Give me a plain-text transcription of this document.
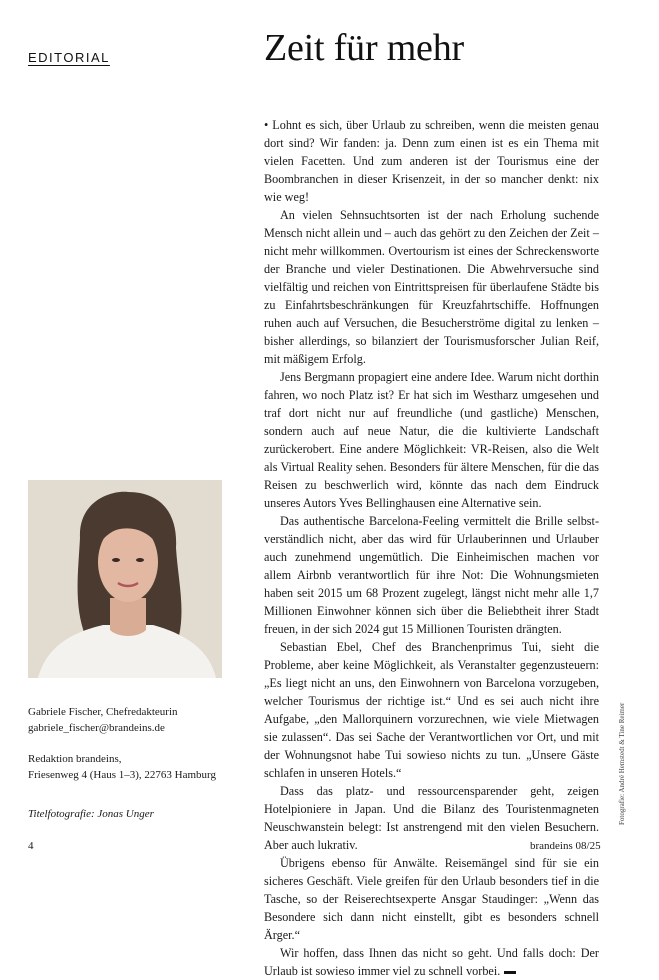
EDITORIAL	Zeit für mehr

• Lohnt es sich, über Urlaub zu schreiben, wenn die meisten genau dort sind? Wir fanden: ja. Denn zum einen ist es ein Thema mit vielen Facetten. Und zum anderen ist der Tourismus eine der Boombranchen in dieser Krisenzeit, in der so mancher denkt: nix wie weg!

An vielen Sehnsuchtsorten ist der nach Erholung suchende Mensch nicht allein und – auch das gehört zu den Zeichen der Zeit – nicht mehr willkommen. Overtourism ist eines der Schreckensworte der Branche und vieler Destinationen. Die Abwehrversuche sind vielfältig und reichen von Eintrittspreisen für überlaufene Städte bis zu Einfahrtsbeschränkungen für Kreuzfahrtschiffe. Hoffnungen ruhen auch auf Versuchen, die Besucherströme digital zu lenken – bisher allerdings, so bilanziert der Tourismusforscher Julian Reif, mit mäßigem Erfolg.

Jens Bergmann propagiert eine andere Idee. Warum nicht dorthin fahren, wo noch Platz ist? Er hat sich im Westharz umgesehen und traf dort nicht nur auf freundliche (und gastliche) Menschen, sondern auch auf neue Natur, die die kultivierte Landschaft zurückerobert. Eine andere Möglichkeit: VR-Reisen, also die Welt als Virtual Reality sehen. Besonders für ältere Menschen, für die das Reisen zu beschwerlich wird, könnte das nach dem Eindruck unseres Autors Yves Bellinghausen eine Alternative sein.

Das authentische Barcelona-Feeling vermittelt die Brille selbstverständlich nicht, aber das wird für Urlauberinnen und Urlauber auch zunehmend ungemütlich. Die Einheimischen machen vor allem Airbnb verantwortlich für ihre Not: Die Wohnungsmieten haben seit 2015 um 68 Prozent zugelegt, längst nicht mehr alle 1,7 Millionen Einwohner können sich über die Beliebtheit ihrer Stadt freuen, in der sich 2024 gut 15 Millionen Touristen drängten.

Sebastian Ebel, Chef des Branchenprimus Tui, sieht die Probleme, aber keine Möglichkeit, als Veranstalter gegenzusteuern: „Es liegt nicht an uns, den Einwohnern von Barcelona vorzugeben, welcher Tourismus der richtige ist.“ Und es sei auch nicht ihre Aufgabe, „den Mallorquinern vorzurechnen, wie viele Mietwagen sie zulassen“. Das sei Sache der Verantwortlichen vor Ort, und mit der Wohnungsnot habe Tui sowieso nichts zu tun. „Unsere Gäste schlafen in unseren Hotels.“

Dass das platz- und ressourcensparender geht, zeigen Hotelpioniere in Japan. Und die Bilanz des Touristenmagneten Neuschwanstein belegt: Ist anstrengend mit den vielen Besuchern. Aber auch lukrativ.

Übrigens ebenso für Anwälte. Reisemängel sind für sie ein sicheres Geschäft. Viele greifen für den Urlaub besonders tief in die Tasche, so der Reiserechtsexperte Ansgar Staudinger: „Wenn das Besondere sich dann nicht einstellt, gibt es besonders schnell Ärger.“

Wir hoffen, dass Ihnen das nicht so geht. Und falls doch: Der Urlaub ist sowieso immer viel zu schnell vorbei.

Gabriele Fischer, Chefredakteurin
gabriele_fischer@brandeins.de
Redaktion brandeins,
Friesenweg 4 (Haus 1–3), 22763 Hamburg
Titelfotografie: Jonas Unger	Fotografie: André Hemstedt & Tine Reimer
4	brandeins 08/25
